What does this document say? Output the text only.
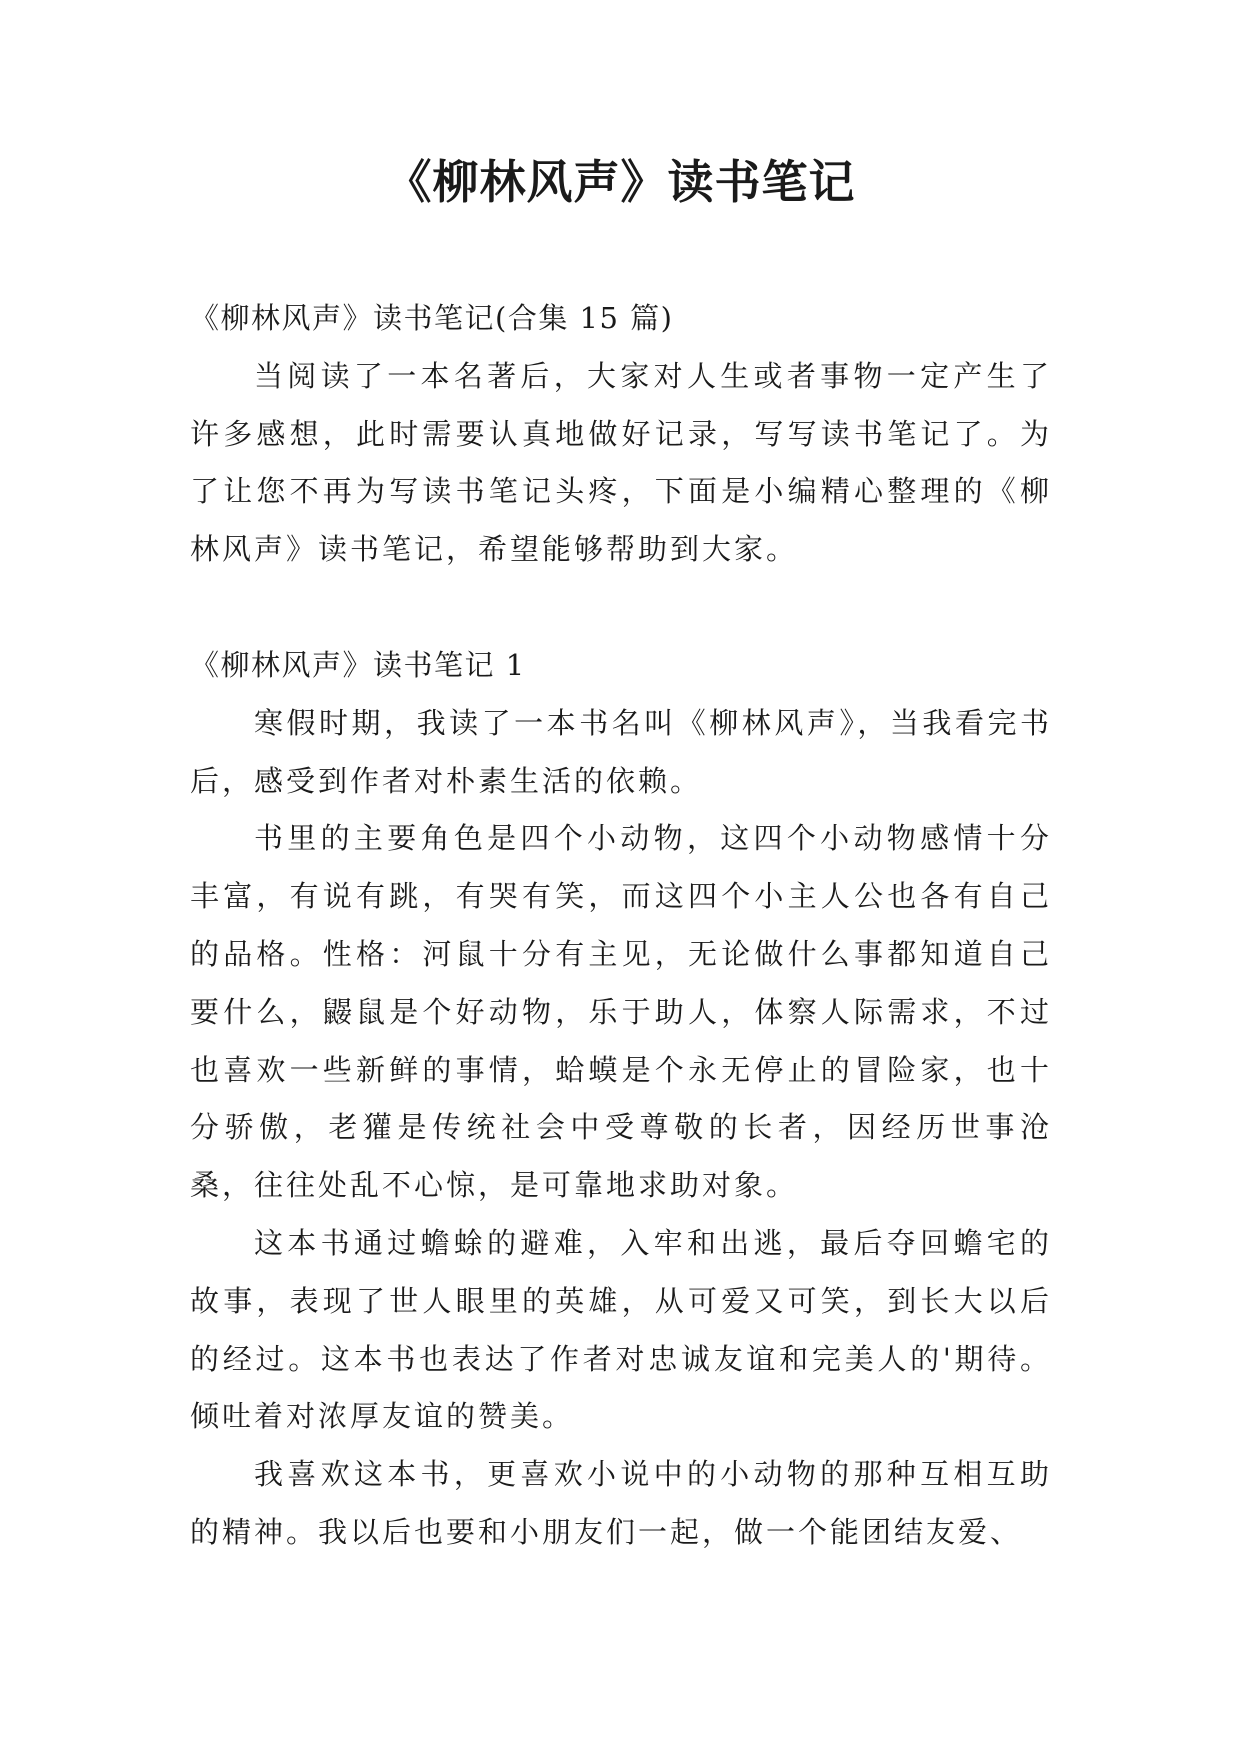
《柳林风声》读书笔记

《柳林风声》读书笔记(合集 15 篇)

当阅读了一本名著后，大家对人生或者事物一定产生了许多感想，此时需要认真地做好记录，写写读书笔记了。为了让您不再为写读书笔记头疼，下面是小编精心整理的《柳林风声》读书笔记，希望能够帮助到大家。

《柳林风声》读书笔记 1

寒假时期，我读了一本书名叫《柳林风声》，当我看完书后，感受到作者对朴素生活的依赖。

书里的主要角色是四个小动物，这四个小动物感情十分丰富，有说有跳，有哭有笑，而这四个小主人公也各有自己的品格。性格：河鼠十分有主见，无论做什么事都知道自己要什么，鼹鼠是个好动物，乐于助人，体察人际需求，不过也喜欢一些新鲜的事情，蛤蟆是个永无停止的冒险家，也十分骄傲，老獾是传统社会中受尊敬的长者，因经历世事沧桑，往往处乱不心惊，是可靠地求助对象。

这本书通过蟾蜍的避难，入牢和出逃，最后夺回蟾宅的故事，表现了世人眼里的英雄，从可爱又可笑，到长大以后的经过。这本书也表达了作者对忠诚友谊和完美人的'期待。倾吐着对浓厚友谊的赞美。

我喜欢这本书，更喜欢小说中的小动物的那种互相互助的精神。我以后也要和小朋友们一起，做一个能团结友爱、
